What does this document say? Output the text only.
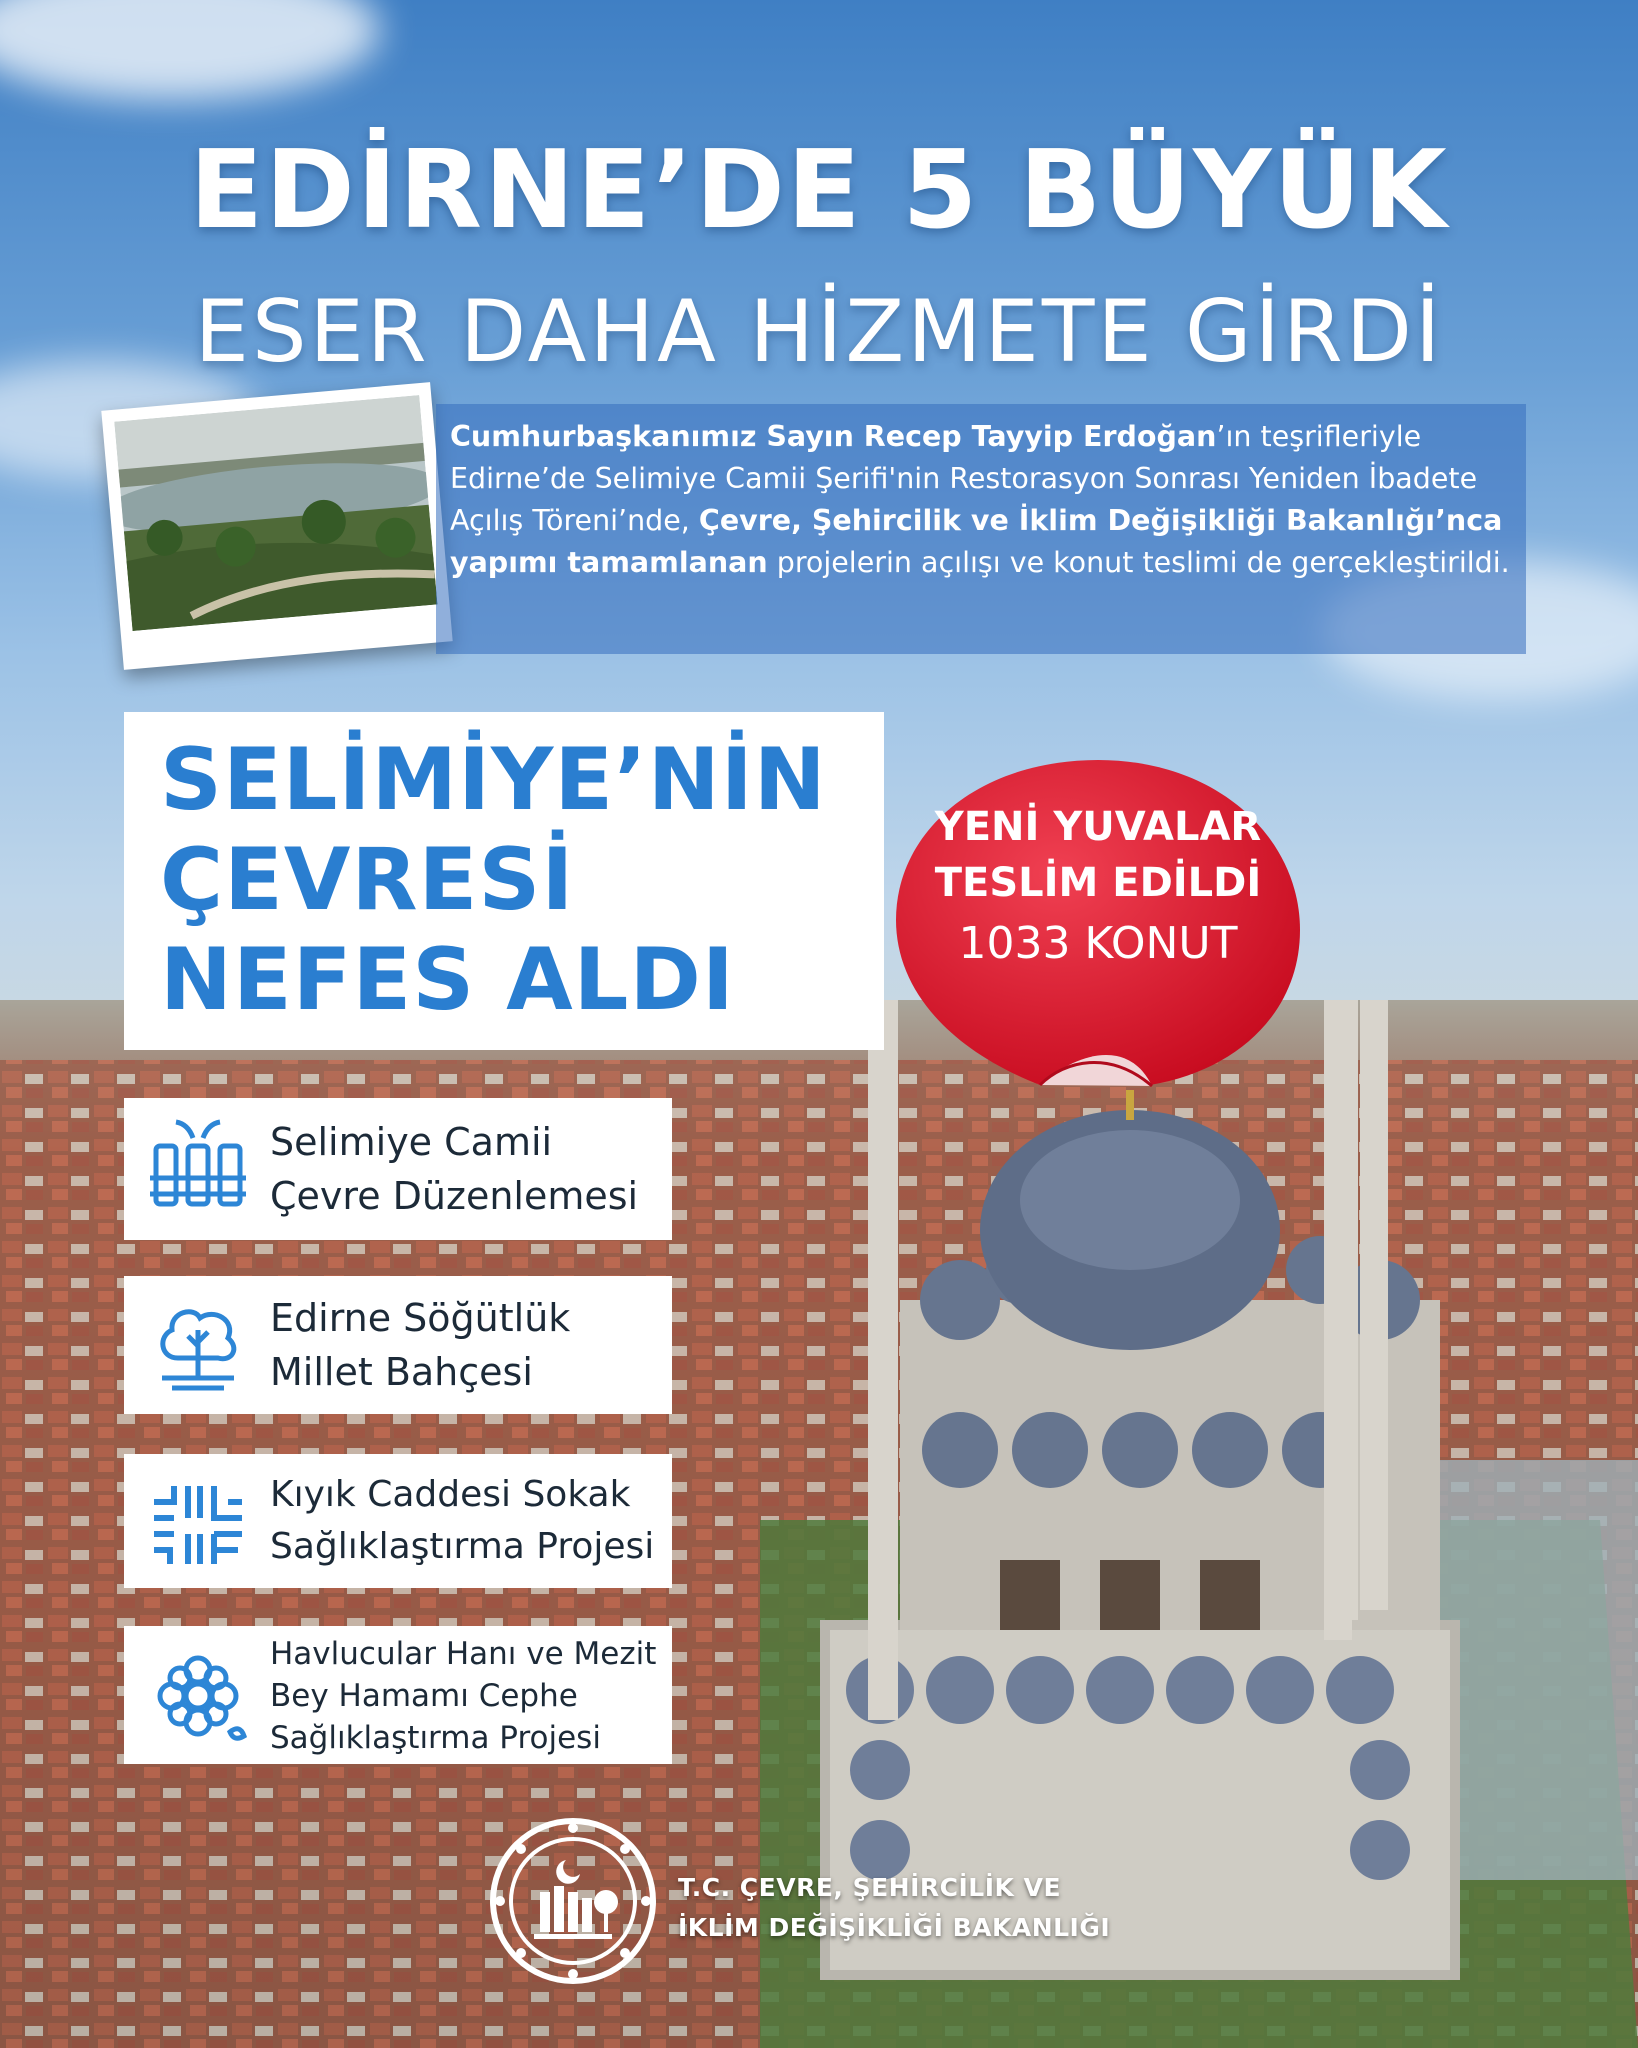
EDİRNE’DE 5 BÜYÜK
ESER DAHA HİZMETE GİRDİ

Cumhurbaşkanımız Sayın Recep Tayyip Erdoğan’ın teşrifleriyle Edirne’de Selimiye Camii Şerifi'nin Restorasyon Sonrası Yeniden İbadete Açılış Töreni’nde, Çevre, Şehircilik ve İklim Değişikliği Bakanlığı’nca yapımı tamamlanan projelerin açılışı ve konut teslimi de gerçekleştirildi.

SELİMİYE’NİN
ÇEVRESİ
NEFES ALDI
YENİ YUVALAR
TESLİM EDİLDİ
1033 KONUT
Selimiye Camii
Çevre Düzenlemesi
Edirne Söğütlük
Millet Bahçesi
Kıyık Caddesi Sokak
Sağlıklaştırma Projesi
Havlucular Hanı ve Mezit
Bey Hamamı Cephe
Sağlıklaştırma Projesi
T.C. ÇEVRE, ŞEHİRCİLİK VE
İKLİM DEĞİŞİKLİĞİ BAKANLIĞI
